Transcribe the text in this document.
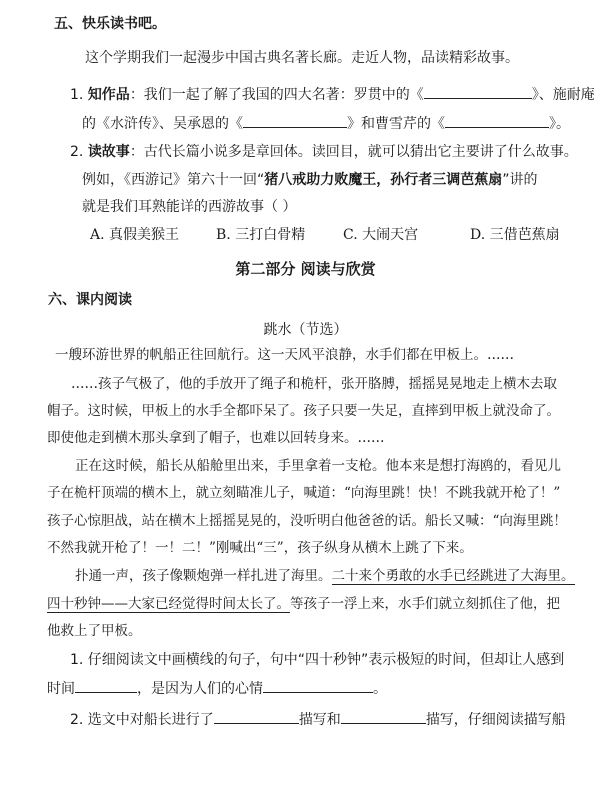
五、快乐读书吧。
这个学期我们一起漫步中国古典名著长廊。走近人物，品读精彩故事。
1. 知作品：我们一起了解了我国的四大名著：罗贯中的《	》、施耐庵
的《水浒传》、吴承恩的《	》和曹雪芹的《	》。
2. 读故事：古代长篇小说多是章回体。读回目，就可以猜出它主要讲了什么故事。
例如，《西游记》第六十一回“猪八戒助力败魔王，孙行者三调芭蕉扇”讲的
就是我们耳熟能详的西游故事（ ）
A. 真假美猴王	B. 三打白骨精	C. 大闹天宫	D. 三借芭蕉扇
第二部分 阅读与欣赏
六、课内阅读
跳水（节选）
一艘环游世界的帆船正往回航行。这一天风平浪静，水手们都在甲板上。……
……孩子气极了，他的手放开了绳子和桅杆，张开胳膊，摇摇晃晃地走上横木去取
帽子。这时候，甲板上的水手全都吓呆了。孩子只要一失足，直摔到甲板上就没命了。
即使他走到横木那头拿到了帽子，也难以回转身来。……
正在这时候，船长从船舱里出来，手里拿着一支枪。他本来是想打海鸥的，看见儿
子在桅杆顶端的横木上，就立刻瞄准儿子，喊道：“向海里跳！快！不跳我就开枪了！”
孩子心惊胆战，站在横木上摇摇晃晃的，没听明白他爸爸的话。船长又喊：“向海里跳！
不然我就开枪了！一！二！”刚喊出“三”，孩子纵身从横木上跳了下来。
扑通一声，孩子像颗炮弹一样扎进了海里。二十来个勇敢的水手已经跳进了大海里。
四十秒钟——大家已经觉得时间太长了。等孩子一浮上来，水手们就立刻抓住了他，把
他救上了甲板。
1. 仔细阅读文中画横线的句子，句中“四十秒钟”表示极短的时间，但却让人感到
时间	，是因为人们的心情	。
2. 选文中对船长进行了	描写和	描写，仔细阅读描写船
